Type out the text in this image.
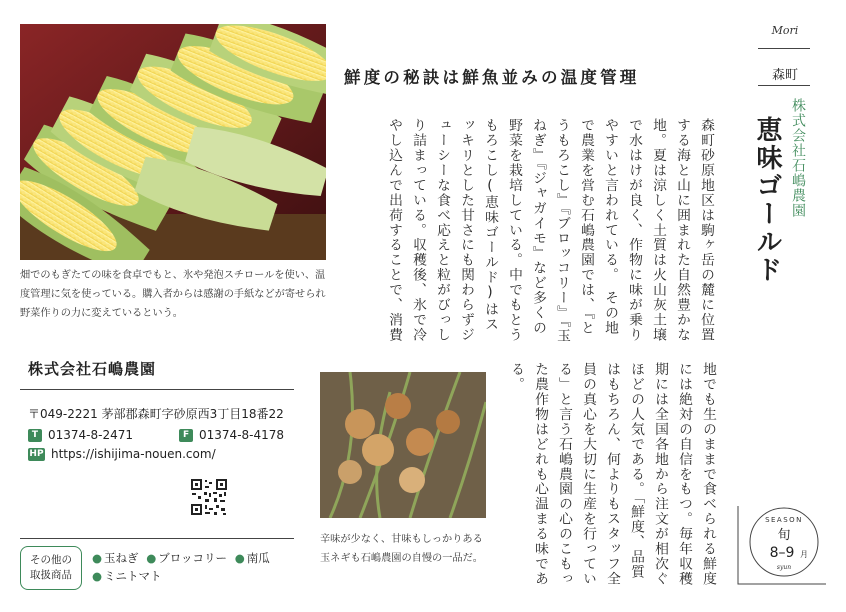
畑でのもぎたての味を食卓でもと、氷や発泡スチロールを使い、温度管理に気を使っている。購入者からは感謝の手紙などが寄せられ野菜作りの力に変えているという。
鮮度の秘訣は鮮魚並みの温度管理
森町砂原地区は駒ヶ岳の麓に位置する海と山に囲まれた自然豊かな地。夏は涼しく土質は火山灰土壌で水はけが良く、作物に味が乗りやすいと言われている。　その地で農業を営む石嶋農園では、『とうもろこし』『ブロッコリー』『玉ねぎ』『ジャガイモ』など多くの野菜を栽培している。中でもとうもろこし(恵味ゴールド)はスッキリとした甘さにも関わらずジューシーな食べ応えと粒がびっしり詰まっている。収穫後、氷で冷やし込んで出荷することで、消費
地でも生のままで食べられる鮮度には絶対の自信をもつ。毎年収穫期には全国各地から注文が相次ぐほどの人気である。「鮮度、品質はもちろん、何よりもスタッフ全員の真心を大切に生産を行っている」と言う石嶋農園の心のこもった農作物はどれも心温まる味である。
辛味が少なく、甘味もしっかりある玉ネギも石嶋農園の自慢の一品だ。
Mori
森町
株式会社石嶋農園
恵味ゴールド
SEASON
旬
8–9 月
syun
株式会社石嶋農園
〒049-2221 茅部郡森町字砂原西3丁目18番22
T 01374-8-2471	F 01374-8-4178
HP https://ishijima-nouen.com/
その他の
取扱商品
● 玉ねぎ ● ブロッコリー ● 南瓜
● ミニトマト
